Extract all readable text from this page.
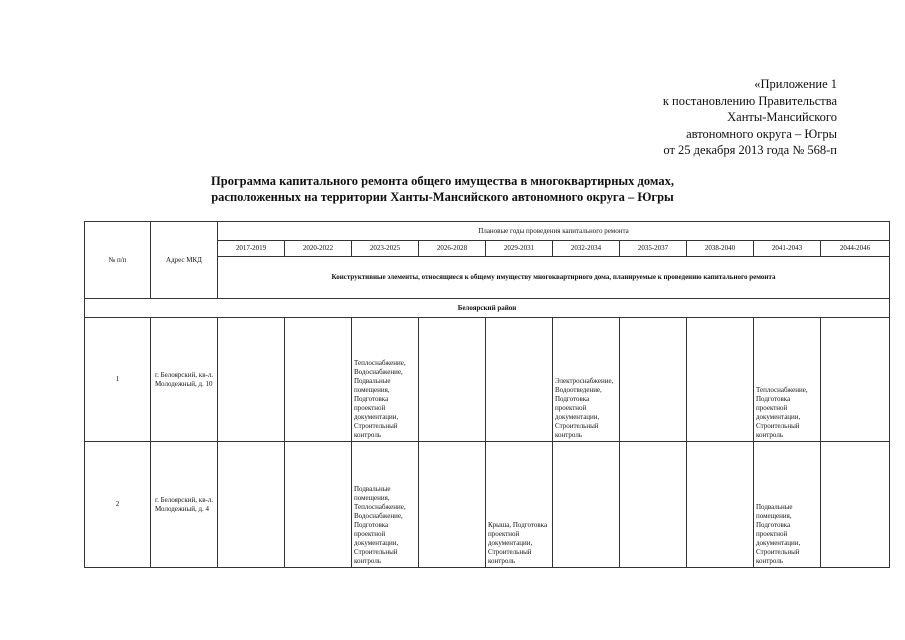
«Приложение 1
к постановлению Правительства
Ханты-Мансийского
автономного округа – Югры
от 25 декабря 2013 года № 568-п
Программа капитального ремонта общего имущества в многоквартирных домах,
расположенных на территории Ханты-Мансийского автономного округа – Югры
№ п/п	Адрес МКД	Плановые годы проведения капитального ремонта									
		2017-2019	2020-2022	2023-2025	2026-2028	2029-2031	2032-2034	2035-2037	2038-2040	2041-2043	2044-2046
		Конструктивные элементы, относящиеся к общему имуществу многоквартирного дома, планируемые к проведению капитального ремонта									
Белоярский район											
1	г. Белоярский, кв-л. Молодежный, д. 10			Теплоснабжение, Водоснабжение, Подвальные помещения, Подготовка проектной документации, Строительный контроль			Электроснабжение, Водоотведение, Подготовка проектной документации, Строительный контроль			Теплоснабжение, Подготовка проектной документации, Строительный контроль	
2	г. Белоярский, кв-л. Молодежный, д. 4			Подвальные помещения, Теплоснабжение, Водоснабжение, Подготовка проектной документации, Строительный контроль		Крыша, Подготовка проектной документации, Строительный контроль				Подвальные помещения, Подготовка проектной документации, Строительный контроль	
